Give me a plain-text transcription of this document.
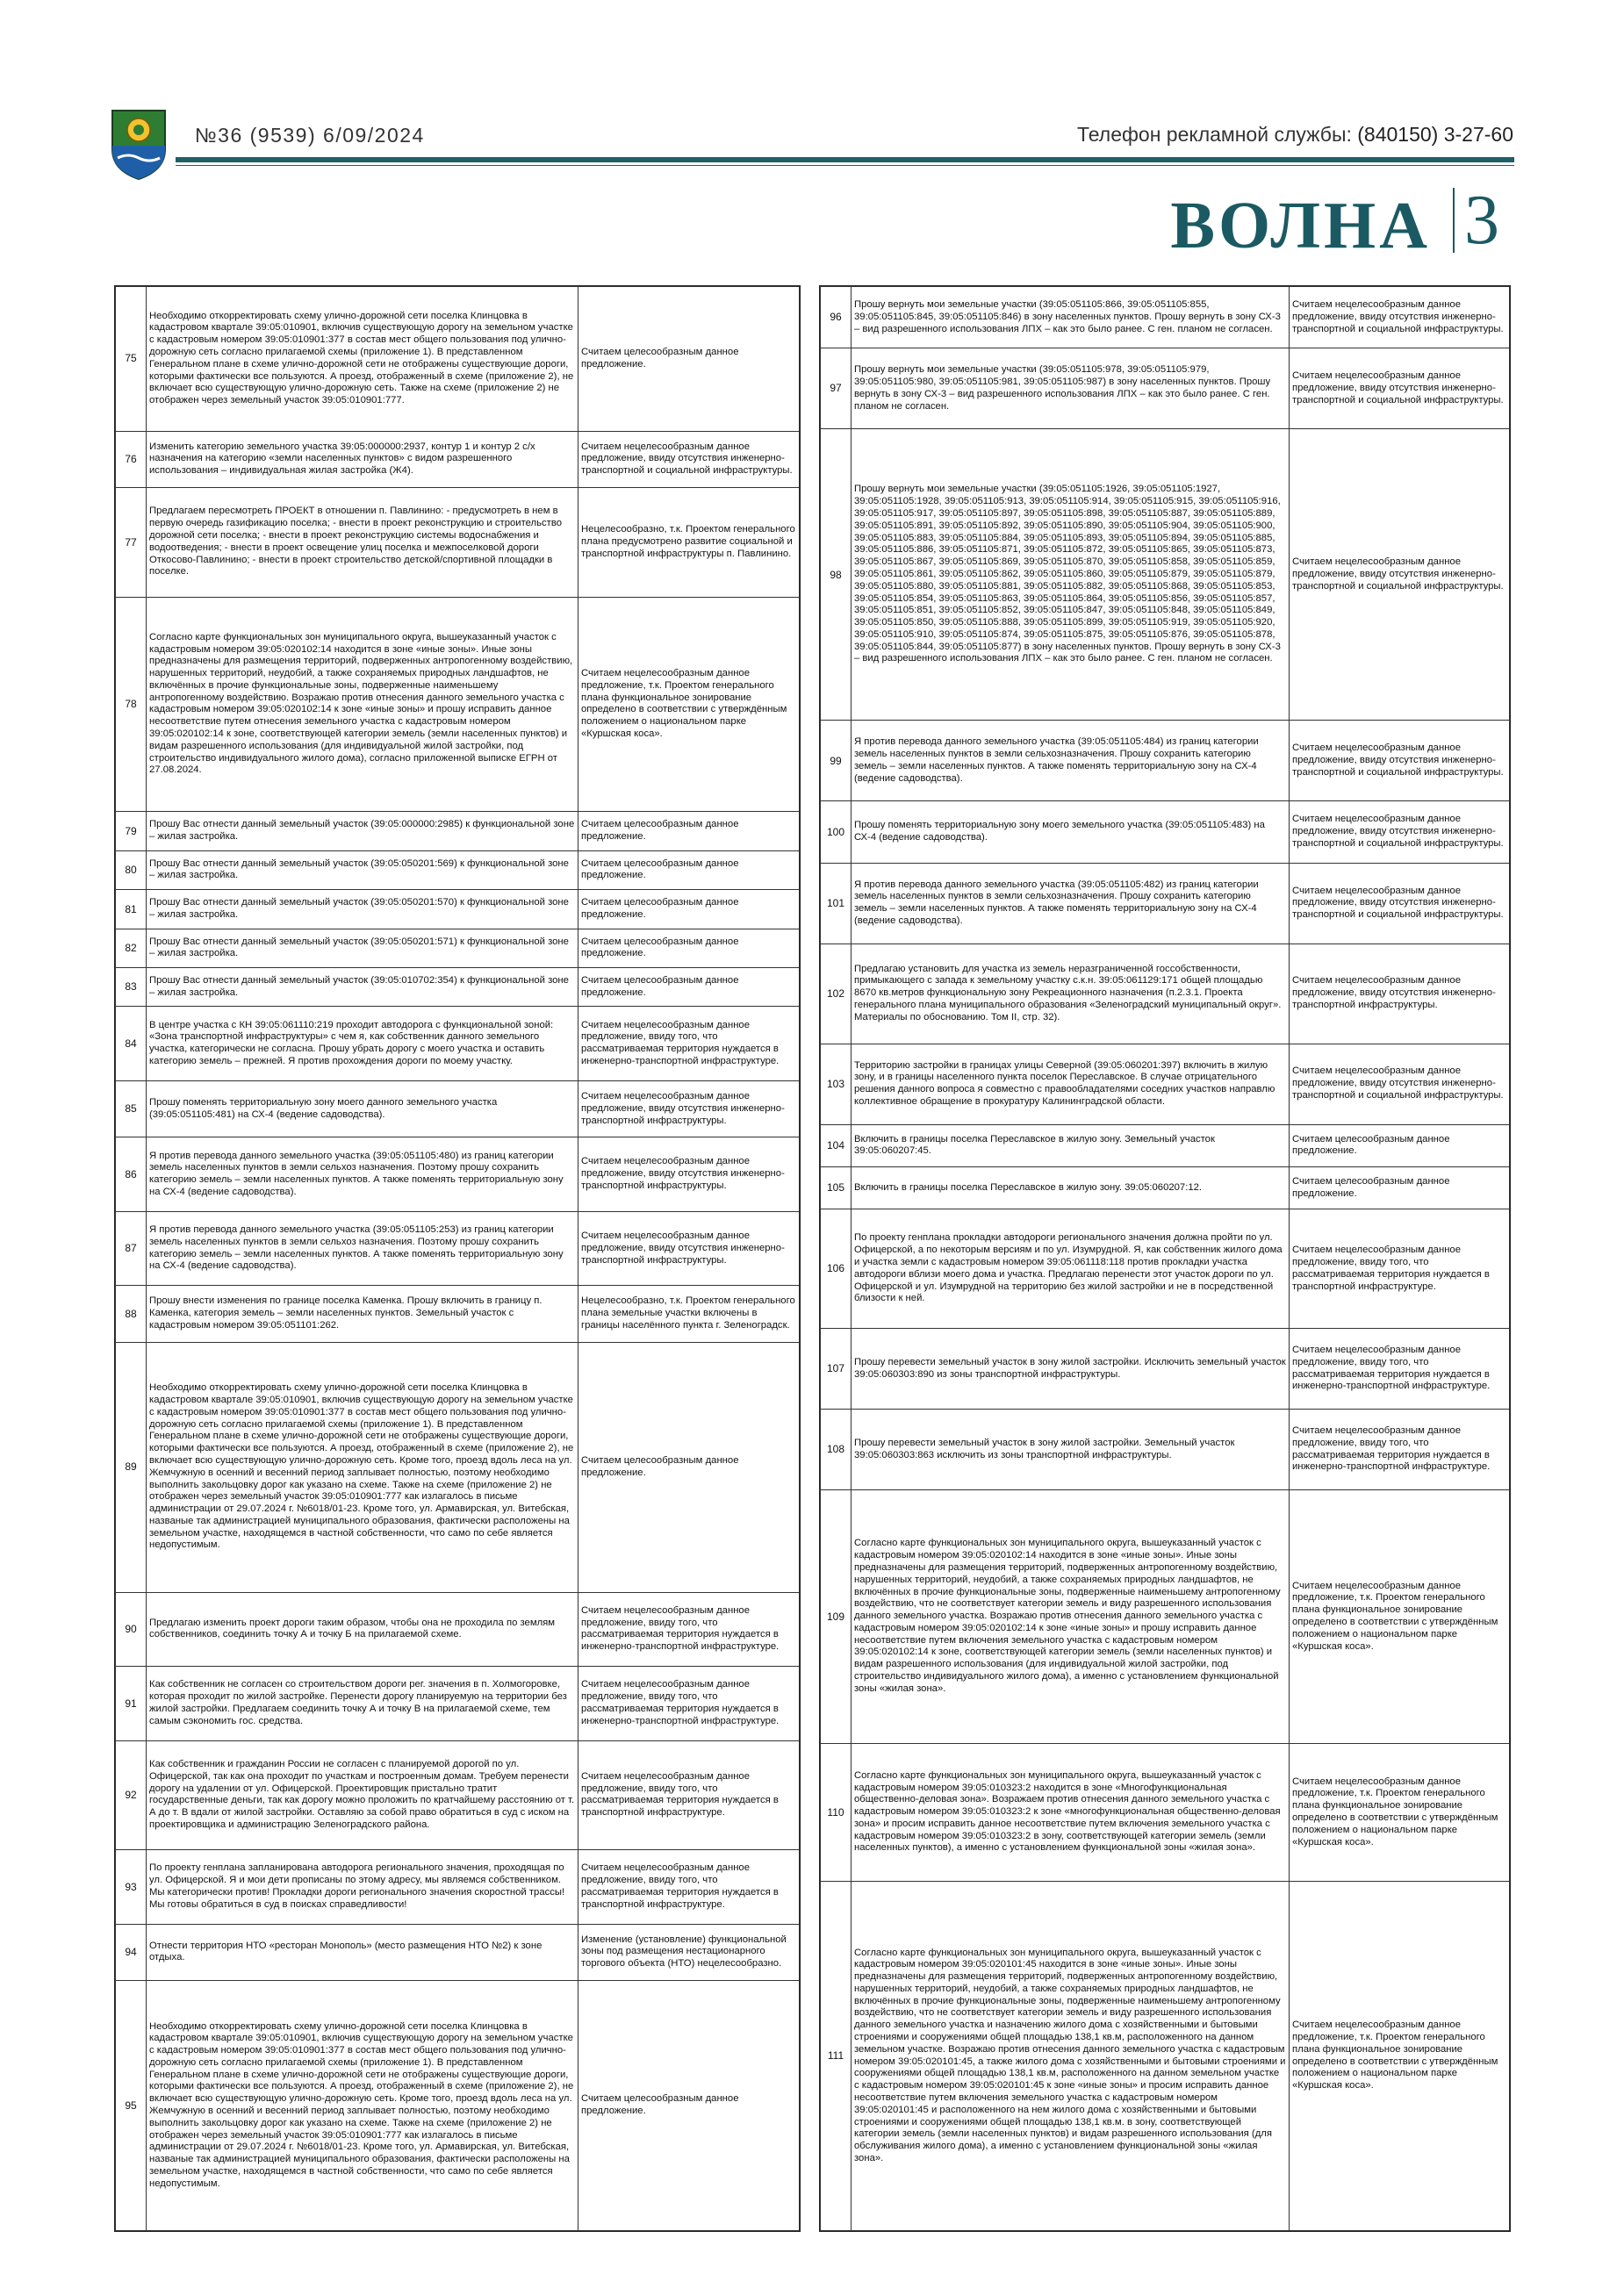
№36 (9539) 6/09/2024	Телефон рекламной службы: (840150) 3-27-60
ВОЛНА 3
75	Необходимо откорректировать схему улично-дорожной сети поселка Клинцовка в кадастровом квартале 39:05:010901, включив существующую дорогу на земельном участке с кадастровым номером 39:05:010901:377 в состав мест общего пользования под улично-дорожную сеть согласно прилагаемой схемы (приложение 1). В представленном Генеральном плане в схеме улично-дорожной сети не отображены существующие дороги, которыми фактически все пользуются. А проезд, отображенный в схеме (приложение 2), не включает всю существующую улично-дорожную сеть. Также на схеме (приложение 2) не отображен через земельный участок 39:05:010901:777.	Считаем целесообразным данное предложение.
76	Изменить категорию земельного участка 39:05:000000:2937, контур 1 и контур 2 с/х назначения на категорию «земли населенных пунктов» с видом разрешенного использования – индивидуальная жилая застройка (Ж4).	Считаем нецелесообразным данное предложение, ввиду отсутствия инженерно-транспортной и социальной инфраструктуры.
77	Предлагаем пересмотреть ПРОЕКТ в отношении п. Павлинино: - предусмотреть в нем в первую очередь газификацию поселка; - внести в проект реконструкцию и строительство дорожной сети поселка; - внести в проект реконструкцию системы водоснабжения и водоотведения; - внести в проект освещение улиц поселка и межпоселковой дороги Откосово-Павлинино; - внести в проект строительство детской/спортивной площадки в поселке.	Нецелесообразно, т.к. Проектом генерального плана предусмотрено развитие социальной и транспортной инфраструктуры п. Павлинино.
78	Согласно карте функциональных зон муниципального округа, вышеуказанный участок с кадастровым номером 39:05:020102:14 находится в зоне «иные зоны». Иные зоны предназначены для размещения территорий, подверженных антропогенному воздействию, нарушенных территорий, неудобий, а также сохраняемых природных ландшафтов, не включённых в прочие функциональные зоны, подверженные наименьшему антропогенному воздействию. Возражаю против отнесения данного земельного участка с кадастровым номером 39:05:020102:14 к зоне «иные зоны» и прошу исправить данное несоответствие путем отнесения земельного участка с кадастровым номером 39:05:020102:14 к зоне, соответствующей категории земель (земли населенных пунктов) и видам разрешенного использования (для индивидуальной жилой застройки, под строительство индивидуального жилого дома), согласно приложенной выписке ЕГРН от 27.08.2024.	Считаем нецелесообразным данное предложение, т.к. Проектом генерального плана функциональное зонирование определено в соответствии с утверждённым положением о национальном парке «Куршская коса».
79	Прошу Вас отнести данный земельный участок (39:05:000000:2985) к функциональной зоне – жилая застройка.	Считаем целесообразным данное предложение.
80	Прошу Вас отнести данный земельный участок (39:05:050201:569) к функциональной зоне – жилая застройка.	Считаем целесообразным данное предложение.
81	Прошу Вас отнести данный земельный участок (39:05:050201:570) к функциональной зоне – жилая застройка.	Считаем целесообразным данное предложение.
82	Прошу Вас отнести данный земельный участок (39:05:050201:571) к функциональной зоне – жилая застройка.	Считаем целесообразным данное предложение.
83	Прошу Вас отнести данный земельный участок (39:05:010702:354) к функциональной зоне – жилая застройка.	Считаем целесообразным данное предложение.
84	В центре участка с КН 39:05:061110:219 проходит автодорога с функциональной зоной: «Зона транспортной инфраструктуры» с чем я, как собственник данного земельного участка, категорически не согласна. Прошу убрать дорогу с моего участка и оставить категорию земель – прежней. Я против прохождения дороги по моему участку.	Считаем нецелесообразным данное предложение, ввиду того, что рассматриваемая территория нуждается в инженерно-транспортной инфраструктуре.
85	Прошу поменять территориальную зону моего данного земельного участка (39:05:051105:481) на СХ-4 (ведение садоводства).	Считаем нецелесообразным данное предложение, ввиду отсутствия инженерно-транспортной инфраструктуры.
86	Я против перевода данного земельного участка (39:05:051105:480) из границ категории земель населенных пунктов в земли сельхоз назначения. Поэтому прошу сохранить категорию земель – земли населенных пунктов. А также поменять территориальную зону на СХ-4 (ведение садоводства).	Считаем нецелесообразным данное предложение, ввиду отсутствия инженерно-транспортной инфраструктуры.
87	Я против перевода данного земельного участка (39:05:051105:253) из границ категории земель населенных пунктов в земли сельхоз назначения. Поэтому прошу сохранить категорию земель – земли населенных пунктов. А также поменять территориальную зону на СХ-4 (ведение садоводства).	Считаем нецелесообразным данное предложение, ввиду отсутствия инженерно-транспортной инфраструктуры.
88	Прошу внести изменения по границе поселка Каменка. Прошу включить в границу п. Каменка, категория земель – земли населенных пунктов. Земельный участок с кадастровым номером 39:05:051101:262.	Нецелесообразно, т.к. Проектом генерального плана земельные участки включены в границы населённого пункта г. Зеленоградск.
89	Необходимо откорректировать схему улично-дорожной сети поселка Клинцовка в кадастровом квартале 39:05:010901, включив существующую дорогу на земельном участке с кадастровым номером 39:05:010901:377 в состав мест общего пользования под улично-дорожную сеть согласно прилагаемой схемы (приложение 1). В представленном Генеральном плане в схеме улично-дорожной сети не отображены существующие дороги, которыми фактически все пользуются. А проезд, отображенный в схеме (приложение 2), не включает всю существующую улично-дорожную сеть. Кроме того, проезд вдоль леса на ул. Жемчужную в осенний и весенний период заплывает полностью, поэтому необходимо выполнить закольцовку дорог как указано на схеме. Также на схеме (приложение 2) не отображен через земельный участок 39:05:010901:777 как излагалось в письме администрации от 29.07.2024 г. №6018/01-23. Кроме того, ул. Армавирская, ул. Витебская, названые так администрацией муниципального образования, фактически расположены на земельном участке, находящемся в частной собственности, что само по себе является недопустимым.	Считаем целесообразным данное предложение.
90	Предлагаю изменить проект дороги таким образом, чтобы она не проходила по землям собственников, соединить точку А и точку Б на прилагаемой схеме.	Считаем нецелесообразным данное предложение, ввиду того, что рассматриваемая территория нуждается в инженерно-транспортной инфраструктуре.
91	Как собственник не согласен со строительством дороги рег. значения в п. Холмогоровке, которая проходит по жилой застройке. Перенести дорогу планируемую на территории без жилой застройки. Предлагаем соединить точку А и точку В на прилагаемой схеме, тем самым сэкономить гос. средства.	Считаем нецелесообразным данное предложение, ввиду того, что рассматриваемая территория нуждается в инженерно-транспортной инфраструктуре.
92	Как собственник и гражданин России не согласен с планируемой дорогой по ул. Офицерской, так как она проходит по участкам и построенным домам. Требуем перенести дорогу на удалении от ул. Офицерской. Проектировщик пристально тратит государственные деньги, так как дорогу можно проложить по кратчайшему расстоянию от т. А до т. В вдали от жилой застройки. Оставляю за собой право обратиться в суд с иском на проектировщика и администрацию Зеленоградского района.	Считаем нецелесообразным данное предложение, ввиду того, что рассматриваемая территория нуждается в транспортной инфраструктуре.
93	По проекту генплана запланирована автодорога регионального значения, проходящая по ул. Офицерской. Я и мои дети прописаны по этому адресу, мы являемся собственником. Мы категорически против! Прокладки дороги регионального значения скоростной трассы! Мы готовы обратиться в суд в поисках справедливости!	Считаем нецелесообразным данное предложение, ввиду того, что рассматриваемая территория нуждается в транспортной инфраструктуре.
94	Отнести территория НТО «ресторан Монополь» (место размещения НТО №2) к зоне отдыха.	Изменение (установление) функциональной зоны под размещения нестационарного торгового объекта (НТО) нецелесообразно.
95	Необходимо откорректировать схему улично-дорожной сети поселка Клинцовка в кадастровом квартале 39:05:010901, включив существующую дорогу на земельном участке с кадастровым номером 39:05:010901:377 в состав мест общего пользования под улично-дорожную сеть согласно прилагаемой схемы (приложение 1). В представленном Генеральном плане в схеме улично-дорожной сети не отображены существующие дороги, которыми фактически все пользуются. А проезд, отображенный в схеме (приложение 2), не включает всю существующую улично-дорожную сеть. Кроме того, проезд вдоль леса на ул. Жемчужную в осенний и весенний период заплывает полностью, поэтому необходимо выполнить закольцовку дорог как указано на схеме. Также на схеме (приложение 2) не отображен через земельный участок 39:05:010901:777 как излагалось в письме администрации от 29.07.2024 г. №6018/01-23. Кроме того, ул. Армавирская, ул. Витебская, названые так администрацией муниципального образования, фактически расположены на земельном участке, находящемся в частной собственности, что само по себе является недопустимым.	Считаем целесообразным данное предложение.
96	Прошу вернуть мои земельные участки (39:05:051105:866, 39:05:051105:855, 39:05:051105:845, 39:05:051105:846) в зону населенных пунктов. Прошу вернуть в зону СХ-3 – вид разрешенного использования ЛПХ – как это было ранее. С ген. планом не согласен.	Считаем нецелесообразным данное предложение, ввиду отсутствия инженерно-транспортной и социальной инфраструктуры.
97	Прошу вернуть мои земельные участки (39:05:051105:978, 39:05:051105:979, 39:05:051105:980, 39:05:051105:981, 39:05:051105:987) в зону населенных пунктов. Прошу вернуть в зону СХ-3 – вид разрешенного использования ЛПХ – как это было ранее. С ген. планом не согласен.	Считаем нецелесообразным данное предложение, ввиду отсутствия инженерно-транспортной и социальной инфраструктуры.
98	Прошу вернуть мои земельные участки (39:05:051105:1926, 39:05:051105:1927, 39:05:051105:1928, 39:05:051105:913, 39:05:051105:914, 39:05:051105:915, 39:05:051105:916, 39:05:051105:917, 39:05:051105:897, 39:05:051105:898, 39:05:051105:887, 39:05:051105:889, 39:05:051105:891, 39:05:051105:892, 39:05:051105:890, 39:05:051105:904, 39:05:051105:900, 39:05:051105:883, 39:05:051105:884, 39:05:051105:893, 39:05:051105:894, 39:05:051105:885, 39:05:051105:886, 39:05:051105:871, 39:05:051105:872, 39:05:051105:865, 39:05:051105:873, 39:05:051105:867, 39:05:051105:869, 39:05:051105:870, 39:05:051105:858, 39:05:051105:859, 39:05:051105:861, 39:05:051105:862, 39:05:051105:860, 39:05:051105:879, 39:05:051105:879, 39:05:051105:880, 39:05:051105:881, 39:05:051105:882, 39:05:051105:868, 39:05:051105:853, 39:05:051105:854, 39:05:051105:863, 39:05:051105:864, 39:05:051105:856, 39:05:051105:857, 39:05:051105:851, 39:05:051105:852, 39:05:051105:847, 39:05:051105:848, 39:05:051105:849, 39:05:051105:850, 39:05:051105:888, 39:05:051105:899, 39:05:051105:919, 39:05:051105:920, 39:05:051105:910, 39:05:051105:874, 39:05:051105:875, 39:05:051105:876, 39:05:051105:878, 39:05:051105:844, 39:05:051105:877) в зону населенных пунктов. Прошу вернуть в зону СХ-3 – вид разрешенного использования ЛПХ – как это было ранее. С ген. планом не согласен.	Считаем нецелесообразным данное предложение, ввиду отсутствия инженерно-транспортной и социальной инфраструктуры.
99	Я против перевода данного земельного участка (39:05:051105:484) из границ категории земель населенных пунктов в земли сельхозназначения. Прошу сохранить категорию земель – земли населенных пунктов. А также поменять территориальную зону на СХ-4 (ведение садоводства).	Считаем нецелесообразным данное предложение, ввиду отсутствия инженерно-транспортной и социальной инфраструктуры.
100	Прошу поменять территориальную зону моего земельного участка (39:05:051105:483) на СХ-4 (ведение садоводства).	Считаем нецелесообразным данное предложение, ввиду отсутствия инженерно-транспортной и социальной инфраструктуры.
101	Я против перевода данного земельного участка (39:05:051105:482) из границ категории земель населенных пунктов в земли сельхозназначения. Прошу сохранить категорию земель – земли населенных пунктов. А также поменять территориальную зону на СХ-4 (ведение садоводства).	Считаем нецелесообразным данное предложение, ввиду отсутствия инженерно-транспортной и социальной инфраструктуры.
102	Предлагаю установить для участка из земель неразграниченной госсобственности, примыкающего с запада к земельному участку с.к.н. 39:05:061129:171 общей площадью 8670 кв.метров функциональную зону Рекреационного назначения (п.2.3.1. Проекта генерального плана муниципального образования «Зеленоградский муниципальный округ». Материалы по обоснованию. Том II, стр. 32).	Считаем нецелесообразным данное предложение, ввиду отсутствия инженерно-транспортной инфраструктуры.
103	Территорию застройки в границах улицы Северной (39:05:060201:397) включить в жилую зону, и в границы населенного пункта поселок Переславское. В случае отрицательного решения данного вопроса я совместно с правообладателями соседних участков направлю коллективное обращение в прокуратуру Калининградской области.	Считаем нецелесообразным данное предложение, ввиду отсутствия инженерно-транспортной и социальной инфраструктуры.
104	Включить в границы поселка Переславское в жилую зону. Земельный участок 39:05:060207:45.	Считаем целесообразным данное предложение.
105	Включить в границы поселка Переславское в жилую зону. 39:05:060207:12.	Считаем целесообразным данное предложение.
106	По проекту генплана прокладки автодороги регионального значения должна пройти по ул. Офицерской, а по некоторым версиям и по ул. Изумрудной. Я, как собственник жилого дома и участка земли с кадастровым номером 39:05:061118:118 против прокладки участка автодороги вблизи моего дома и участка. Предлагаю перенести этот участок дороги по ул. Офицерской и ул. Изумрудной на территорию без жилой застройки и не в посредственной близости к ней.	Считаем нецелесообразным данное предложение, ввиду того, что рассматриваемая территория нуждается в транспортной инфраструктуре.
107	Прошу перевести земельный участок в зону жилой застройки. Исключить земельный участок 39:05:060303:890 из зоны транспортной инфраструктуры.	Считаем нецелесообразным данное предложение, ввиду того, что рассматриваемая территория нуждается в инженерно-транспортной инфраструктуре.
108	Прошу перевести земельный участок в зону жилой застройки. Земельный участок 39:05:060303:863 исключить из зоны транспортной инфраструктуры.	Считаем нецелесообразным данное предложение, ввиду того, что рассматриваемая территория нуждается в инженерно-транспортной инфраструктуре.
109	Согласно карте функциональных зон муниципального округа, вышеуказанный участок с кадастровым номером 39:05:020102:14 находится в зоне «иные зоны». Иные зоны предназначены для размещения территорий, подверженных антропогенному воздействию, нарушенных территорий, неудобий, а также сохраняемых природных ландшафтов, не включённых в прочие функциональные зоны, подверженные наименьшему антропогенному воздействию, что не соответствует категории земель и виду разрешенного использования данного земельного участка. Возражаю против отнесения данного земельного участка с кадастровым номером 39:05:020102:14 к зоне «иные зоны» и прошу исправить данное несоответствие путем включения земельного участка с кадастровым номером 39:05:020102:14 к зоне, соответствующей категории земель (земли населенных пунктов) и видам разрешенного использования (для индивидуальной жилой застройки, под строительство индивидуального жилого дома), а именно с установлением функциональной зоны «жилая зона».	Считаем нецелесообразным данное предложение, т.к. Проектом генерального плана функциональное зонирование определено в соответствии с утверждённым положением о национальном парке «Куршская коса».
110	Согласно карте функциональных зон муниципального округа, вышеуказанный участок с кадастровым номером 39:05:010323:2 находится в зоне «Многофункциональная общественно-деловая зона». Возражаем против отнесения данного земельного участка с кадастровым номером 39:05:010323:2 к зоне «многофункциональная общественно-деловая зона» и просим исправить данное несоответствие путем включения земельного участка с кадастровым номером 39:05:010323:2 в зону, соответствующей категории земель (земли населенных пунктов), а именно с установлением функциональной зоны «жилая зона».	Считаем нецелесообразным данное предложение, т.к. Проектом генерального плана функциональное зонирование определено в соответствии с утверждённым положением о национальном парке «Куршская коса».
111	Согласно карте функциональных зон муниципального округа, вышеуказанный участок с кадастровым номером 39:05:020101:45 находится в зоне «иные зоны». Иные зоны предназначены для размещения территорий, подверженных антропогенному воздействию, нарушенных территорий, неудобий, а также сохраняемых природных ландшафтов, не включённых в прочие функциональные зоны, подверженные наименьшему антропогенному воздействию, что не соответствует категории земель и виду разрешенного использования данного земельного участка и назначению жилого дома с хозяйственными и бытовыми строениями и сооружениями общей площадью 138,1 кв.м, расположенного на данном земельном участке. Возражаю против отнесения данного земельного участка с кадастровым номером 39:05:020101:45, а также жилого дома с хозяйственными и бытовыми строениями и сооружениями общей площадью 138,1 кв.м, расположенного на данном земельном участке с кадастровым номером 39:05:020101:45 к зоне «иные зоны» и просим исправить данное несоответствие путем включения земельного участка с кадастровым номером 39:05:020101:45 и расположенного на нем жилого дома с хозяйственными и бытовыми строениями и сооружениями общей площадью 138,1 кв.м. в зону, соответствующей категории земель (земли населенных пунктов) и видам разрешенного использования (для обслуживания жилого дома), а именно с установлением функциональной зоны «жилая зона».	Считаем нецелесообразным данное предложение, т.к. Проектом генерального плана функциональное зонирование определено в соответствии с утверждённым положением о национальном парке «Куршская коса».
